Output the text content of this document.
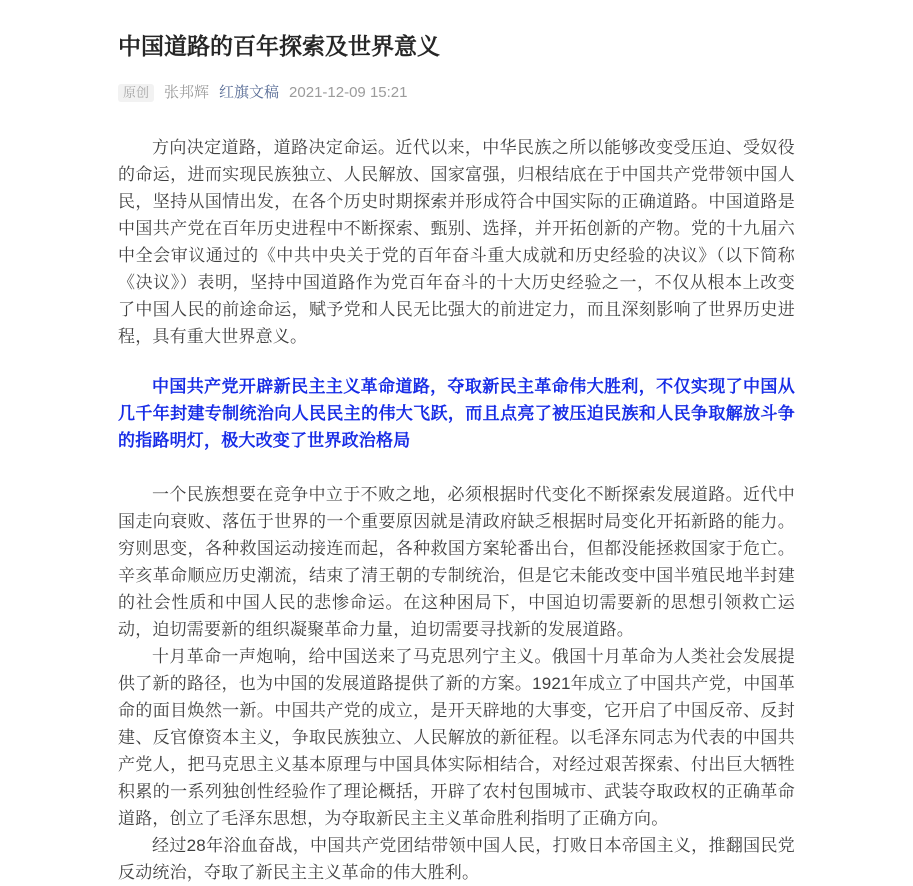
中国道路的百年探索及世界意义
原创	张邦辉 红旗文稿 2021-12-09 15:21

方向决定道路，道路决定命运。近代以来，中华民族之所以能够改变受压迫、受奴役的命运，进而实现民族独立、人民解放、国家富强，归根结底在于中国共产党带领中国人民，坚持从国情出发，在各个历史时期探索并形成符合中国实际的正确道路。中国道路是中国共产党在百年历史进程中不断探索、甄别、选择，并开拓创新的产物。党的十九届六中全会审议通过的《中共中央关于党的百年奋斗重大成就和历史经验的决议》（以下简称《决议》）表明，坚持中国道路作为党百年奋斗的十大历史经验之一，不仅从根本上改变了中国人民的前途命运，赋予党和人民无比强大的前进定力，而且深刻影响了世界历史进程，具有重大世界意义。

中国共产党开辟新民主主义革命道路，夺取新民主革命伟大胜利，不仅实现了中国从几千年封建专制统治向人民民主的伟大飞跃，而且点亮了被压迫民族和人民争取解放斗争的指路明灯，极大改变了世界政治格局

一个民族想要在竞争中立于不败之地，必须根据时代变化不断探索发展道路。近代中国走向衰败、落伍于世界的一个重要原因就是清政府缺乏根据时局变化开拓新路的能力。穷则思变，各种救国运动接连而起，各种救国方案轮番出台，但都没能拯救国家于危亡。辛亥革命顺应历史潮流，结束了清王朝的专制统治，但是它未能改变中国半殖民地半封建的社会性质和中国人民的悲惨命运。在这种困局下，中国迫切需要新的思想引领救亡运动，迫切需要新的组织凝聚革命力量，迫切需要寻找新的发展道路。

十月革命一声炮响，给中国送来了马克思列宁主义。俄国十月革命为人类社会发展提供了新的路径，也为中国的发展道路提供了新的方案。1921年成立了中国共产党，中国革命的面目焕然一新。中国共产党的成立，是开天辟地的大事变，它开启了中国反帝、反封建、反官僚资本主义，争取民族独立、人民解放的新征程。以毛泽东同志为代表的中国共产党人，把马克思主义基本原理与中国具体实际相结合，对经过艰苦探索、付出巨大牺牲积累的一系列独创性经验作了理论概括，开辟了农村包围城市、武装夺取政权的正确革命道路，创立了毛泽东思想，为夺取新民主主义革命胜利指明了正确方向。

经过28年浴血奋战，中国共产党团结带领中国人民，打败日本帝国主义，推翻国民党反动统治，夺取了新民主主义革命的伟大胜利。
